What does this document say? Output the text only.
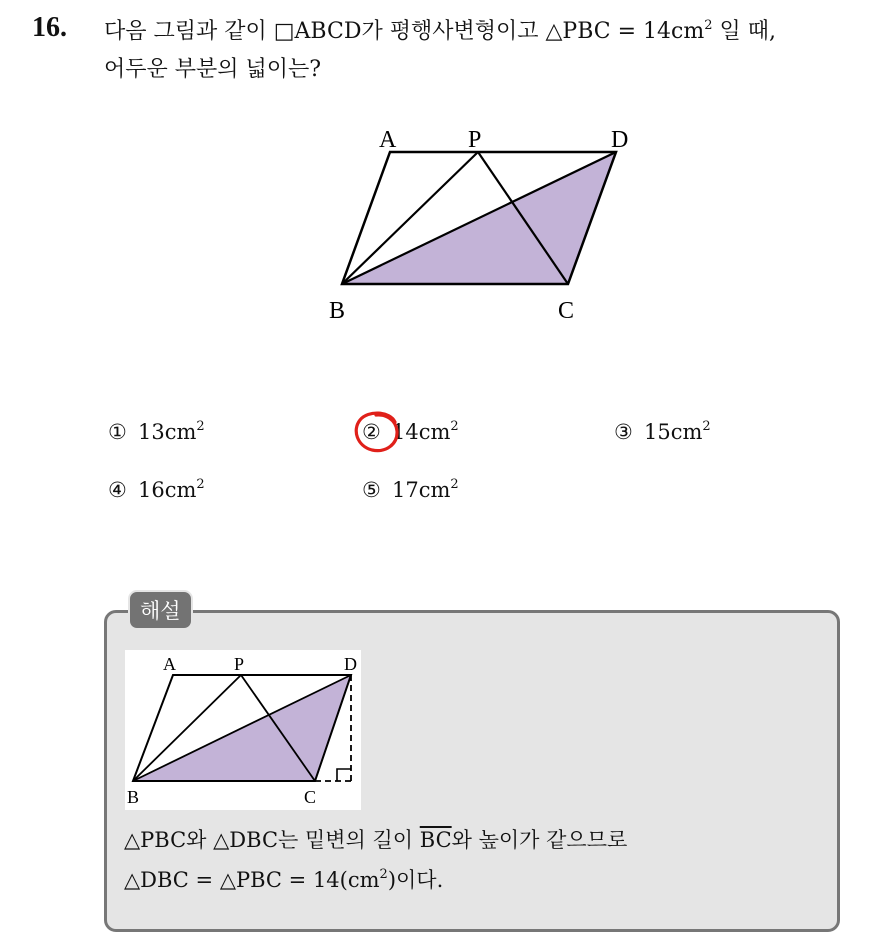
16. 다음 그림과 같이 □ABCD가 평행사변형이고 △PBC = $14cm^2$ 일 때,
어두운 부분의 넓이는?
A	P	D
B	C
① $13cm^2$	② $14cm^2$	③ $15cm^2$
④ $16cm^2$	⑤ $17cm^2$
해설
A	P	D
B	C
△PBC와 △DBC는 밑변의 길이 $\overline{BC}$와 높이가 같으므로
△DBC = △PBC = $14(cm^2)$이다.
